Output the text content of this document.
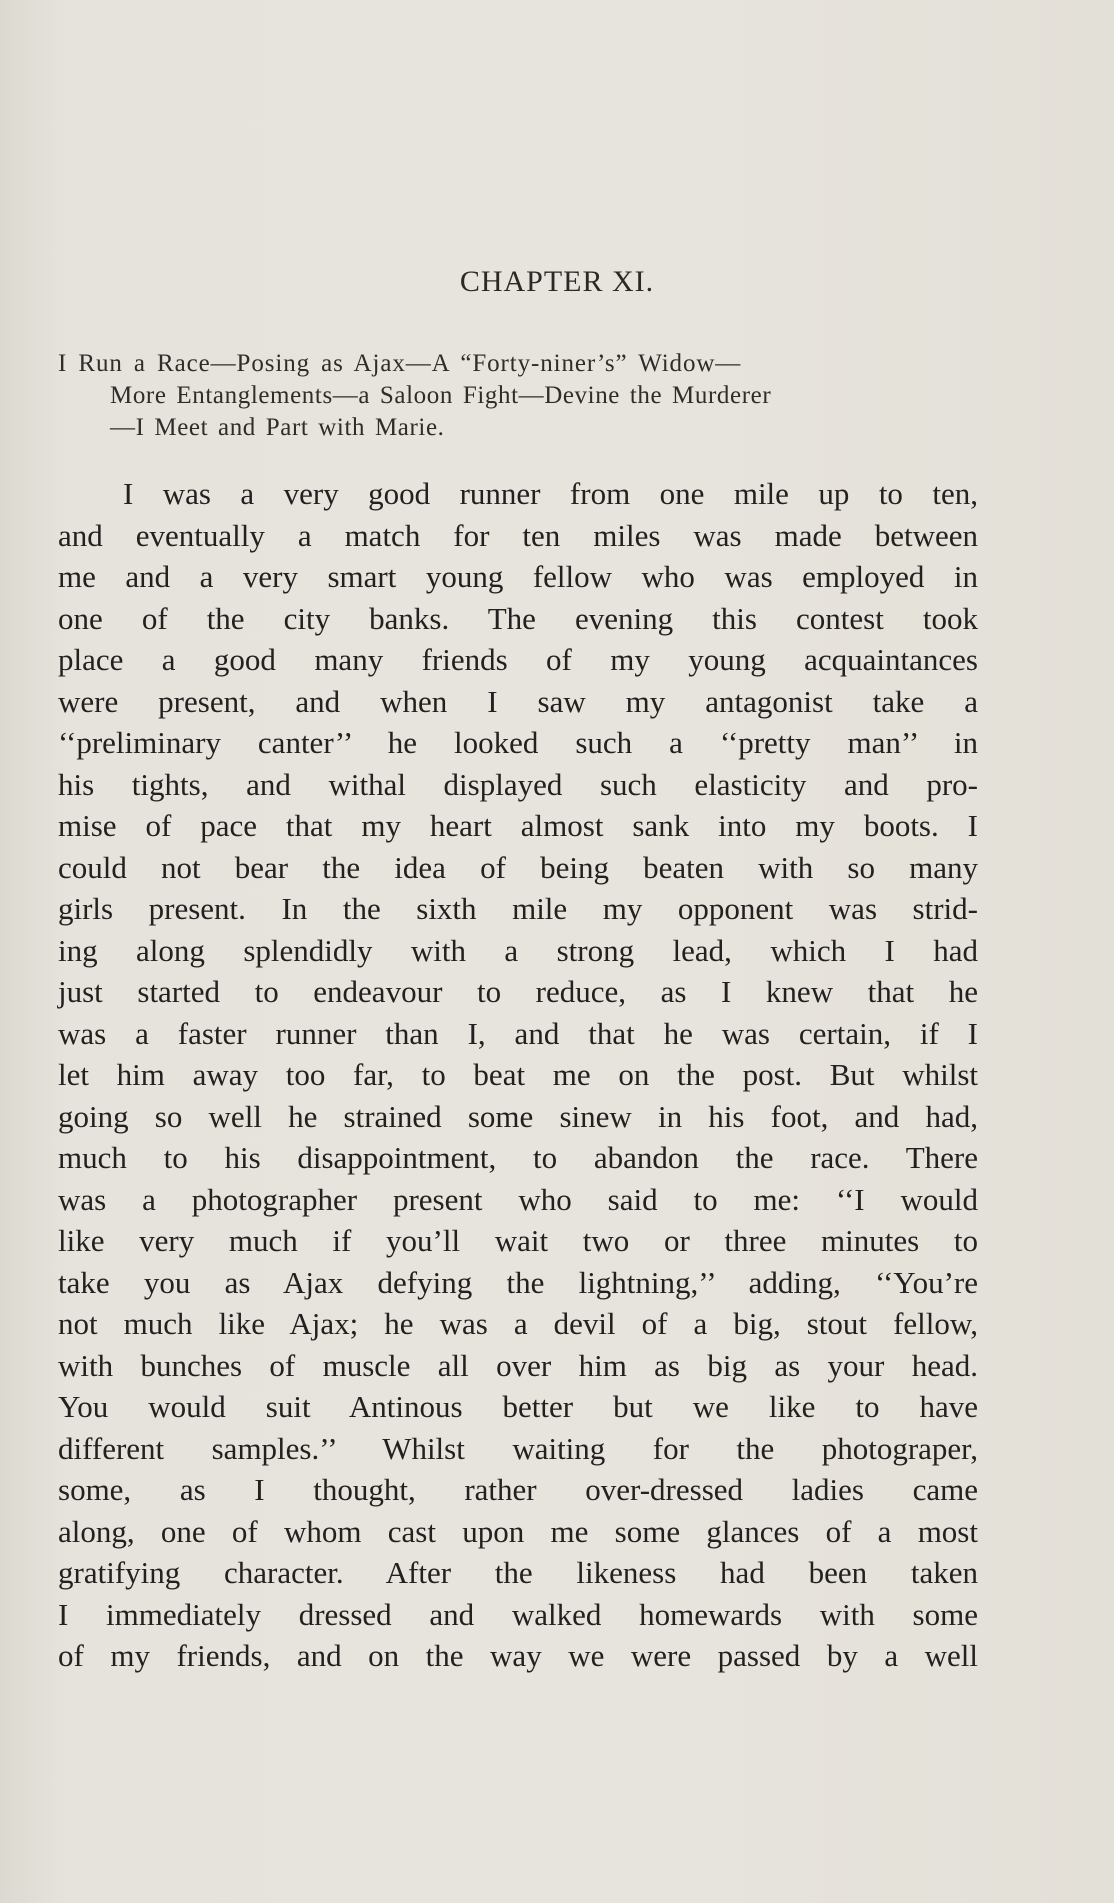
CHAPTER XI.
I Run a Race—Posing as Ajax—A “Forty-niner’s” Widow—
More Entanglements—a Saloon Fight—Devine the Murderer
—I Meet and Part with Marie.
I was a very good runner from one mile up to ten,
and eventually a match for ten miles was made between
me and a very smart young fellow who was employed in
one of the city banks. The evening this contest took
place a good many friends of my young acquaintances
were present, and when I saw my antagonist take a
‘‘preliminary canter’’ he looked such a ‘‘pretty man’’ in
his tights, and withal displayed such elasticity and pro-
mise of pace that my heart almost sank into my boots. I
could not bear the idea of being beaten with so many
girls present. In the sixth mile my opponent was strid-
ing along splendidly with a strong lead, which I had
just started to endeavour to reduce, as I knew that he
was a faster runner than I, and that he was certain, if I
let him away too far, to beat me on the post. But whilst
going so well he strained some sinew in his foot, and had,
much to his disappointment, to abandon the race. There
was a photographer present who said to me: ‘‘I would
like very much if you’ll wait two or three minutes to
take you as Ajax defying the lightning,’’ adding, ‘‘You’re
not much like Ajax; he was a devil of a big, stout fellow,
with bunches of muscle all over him as big as your head.
You would suit Antinous better but we like to have
different samples.’’ Whilst waiting for the photograper,
some, as I thought, rather over-dressed ladies came
along, one of whom cast upon me some glances of a most
gratifying character. After the likeness had been taken
I immediately dressed and walked homewards with some
of my friends, and on the way we were passed by a well
